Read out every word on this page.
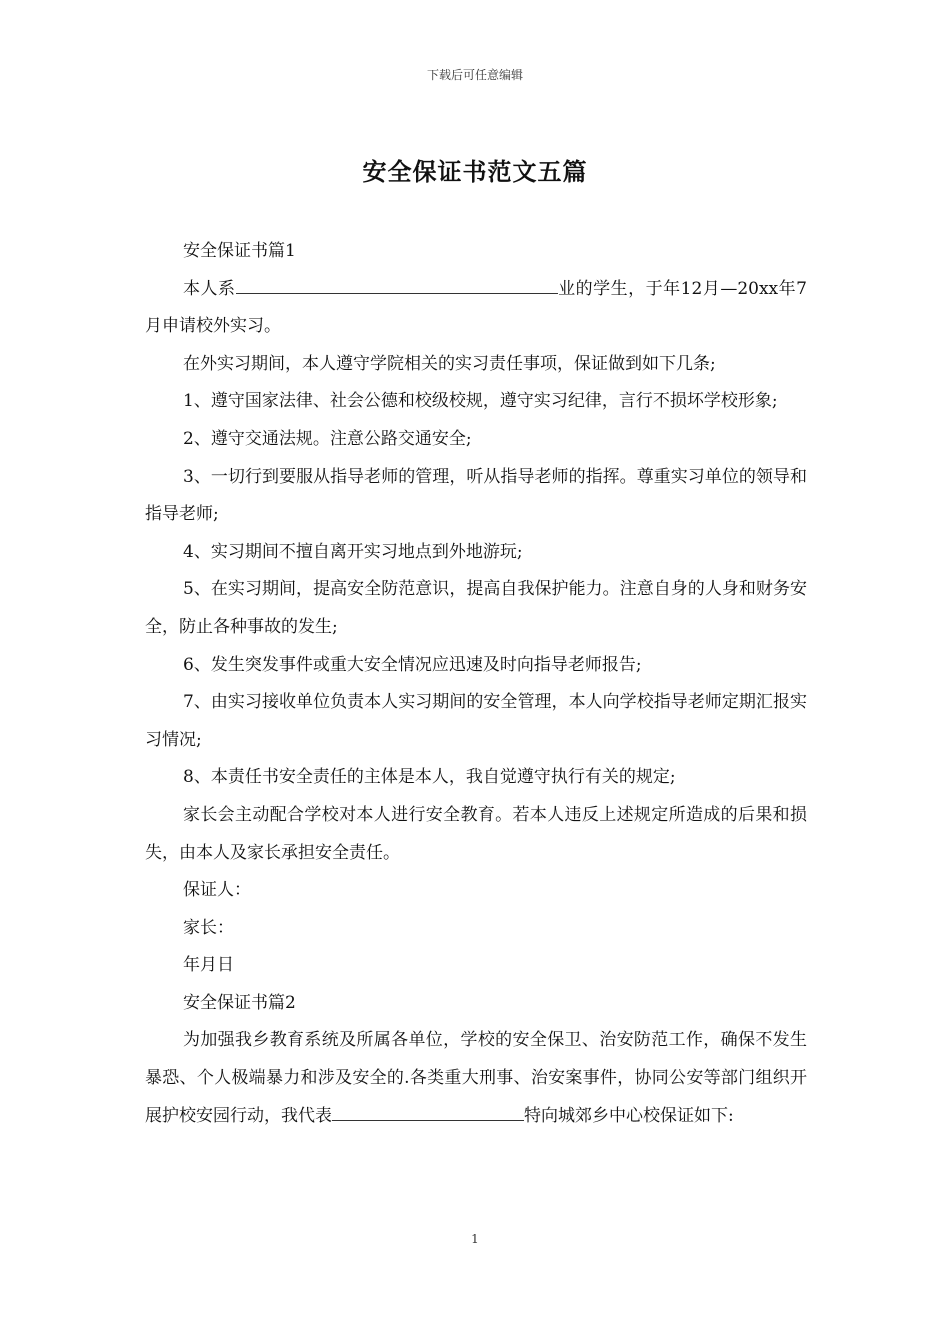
下载后可任意编辑
安全保证书范文五篇

安全保证书篇1

本人系	业的学生，于年12月—20xx年7月申请校外实习。

在外实习期间，本人遵守学院相关的实习责任事项，保证做到如下几条;

1、遵守国家法律、社会公德和校级校规，遵守实习纪律，言行不损坏学校形象;

2、遵守交通法规。注意公路交通安全;

3、一切行到要服从指导老师的管理，听从指导老师的指挥。尊重实习单位的领导和指导老师;

4、实习期间不擅自离开实习地点到外地游玩;

5、在实习期间，提高安全防范意识，提高自我保护能力。注意自身的人身和财务安全，防止各种事故的发生;

6、发生突发事件或重大安全情况应迅速及时向指导老师报告;

7、由实习接收单位负责本人实习期间的安全管理，本人向学校指导老师定期汇报实习情况;

8、本责任书安全责任的主体是本人，我自觉遵守执行有关的规定;

家长会主动配合学校对本人进行安全教育。若本人违反上述规定所造成的后果和损失，由本人及家长承担安全责任。

保证人：

家长：

年月日

安全保证书篇2

为加强我乡教育系统及所属各单位，学校的安全保卫、治安防范工作，确保不发生暴恐、个人极端暴力和涉及安全的.各类重大刑事、治安案事件，协同公安等部门组织开展护校安园行动，我代表	特向城郊乡中心校保证如下:

1
